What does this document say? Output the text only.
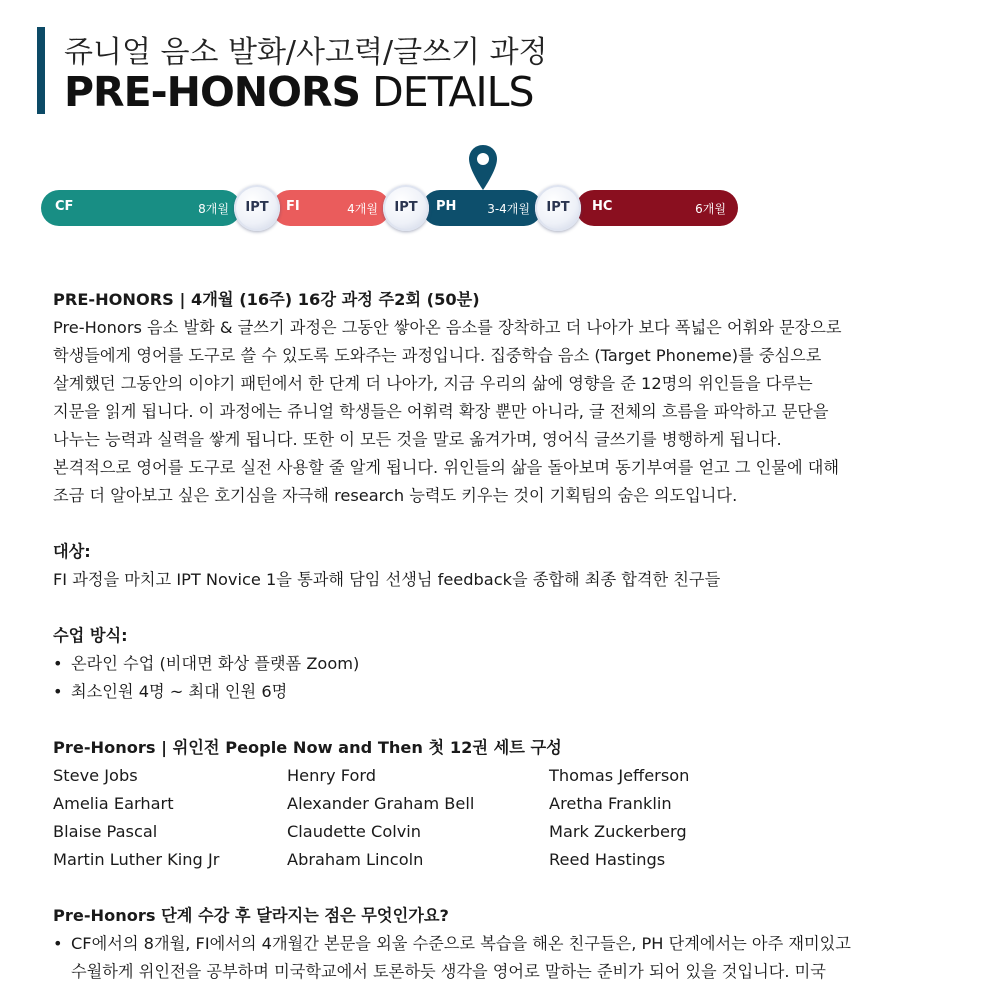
쥬니얼 음소 발화/사고력/글쓰기 과정
PRE-HONORS DETAILS
CF	8개월	FI	4개월	PH	3-4개월	HC	6개월
IPT	IPT	IPT

PRE-HONORS | 4개월 (16주) 16강 과정 주2회 (50분)

Pre-Honors 음소 발화 & 글쓰기 과정은 그동안 쌓아온 음소를 장착하고 더 나아가 보다 폭넓은 어휘와 문장으로
학생들에게 영어를 도구로 쓸 수 있도록 도와주는 과정입니다. 집중학습 음소 (Target Phoneme)를 중심으로
살계했던 그동안의 이야기 패턴에서 한 단계 더 나아가, 지금 우리의 삶에 영향을 준 12명의 위인들을 다루는
지문을 읽게 됩니다. 이 과정에는 쥬니얼 학생들은 어휘력 확장 뿐만 아니라, 글 전체의 흐름을 파악하고 문단을
나누는 능력과 실력을 쌓게 됩니다. 또한 이 모든 것을 말로 옮겨가며, 영어식 글쓰기를 병행하게 됩니다.
본격적으로 영어를 도구로 실전 사용할 줄 알게 됩니다. 위인들의 삶을 돌아보며 동기부여를 얻고 그 인물에 대해
조금 더 알아보고 싶은 호기심을 자극해 research 능력도 키우는 것이 기획팀의 숨은 의도입니다.

대상:

FI 과정을 마치고 IPT Novice 1을 통과해 담임 선생님 feedback을 종합해 최종 합격한 친구들

수업 방식:

• 온라인 수업 (비대면 화상 플랫폼 Zoom)
• 최소인원 4명 ~ 최대 인원 6명

Pre-Honors | 위인전 People Now and Then 첫 12권 세트 구성

Steve Jobs	Henry Ford	Thomas Jefferson
Amelia Earhart	Alexander Graham Bell	Aretha Franklin
Blaise Pascal	Claudette Colvin	Mark Zuckerberg
Martin Luther King Jr	Abraham Lincoln	Reed Hastings

Pre-Honors 단계 수강 후 달라지는 점은 무엇인가요?

• CF에서의 8개월, FI에서의 4개월간 본문을 외울 수준으로 복습을 해온 친구들은, PH 단계에서는 아주 재미있고
수월하게 위인전을 공부하며 미국학교에서 토론하듯 생각을 영어로 말하는 준비가 되어 있을 것입니다. 미국
